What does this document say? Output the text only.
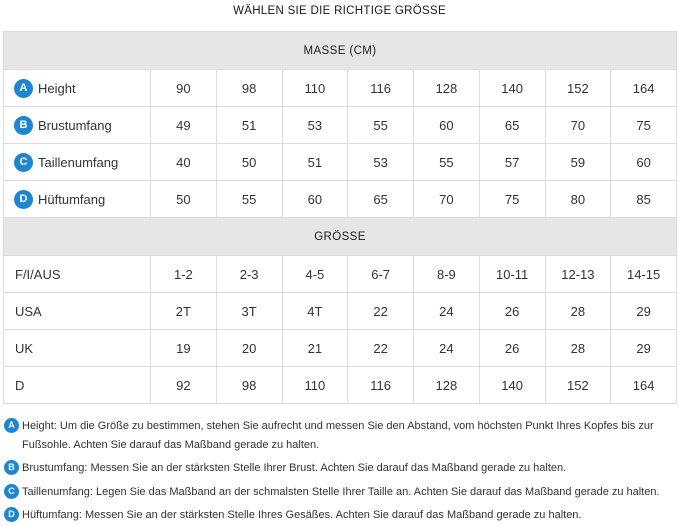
WÄHLEN SIE DIE RICHTIGE GRÖSSE
MASSE (CM)								
A Height	90	98	110	116	128	140	152	164
B Brustumfang	49	51	53	55	60	65	70	75
C Taillenumfang	40	50	51	53	55	57	59	60
D Hüftumfang	50	55	60	65	70	75	80	85
GRÖSSE								
F/I/AUS	1-2	2-3	4-5	6-7	8-9	10-11	12-13	14-15
USA	2T	3T	4T	22	24	26	28	29
UK	19	20	21	22	24	26	28	29
D	92	98	110	116	128	140	152	164
A Height: Um die Größe zu bestimmen, stehen Sie aufrecht und messen Sie den Abstand, vom höchsten Punkt Ihres Kopfes bis zur Fußsohle. Achten Sie darauf das Maßband gerade zu halten.
B Brustumfang: Messen Sie an der stärksten Stelle Ihrer Brust. Achten Sie darauf das Maßband gerade zu halten.
C Taillenumfang: Legen Sie das Maßband an der schmalsten Stelle Ihrer Taille an. Achten Sie darauf das Maßband gerade zu halten.
D Hüftumfang: Messen Sie an der stärksten Stelle Ihres Gesäßes. Achten Sie darauf das Maßband gerade zu halten.
